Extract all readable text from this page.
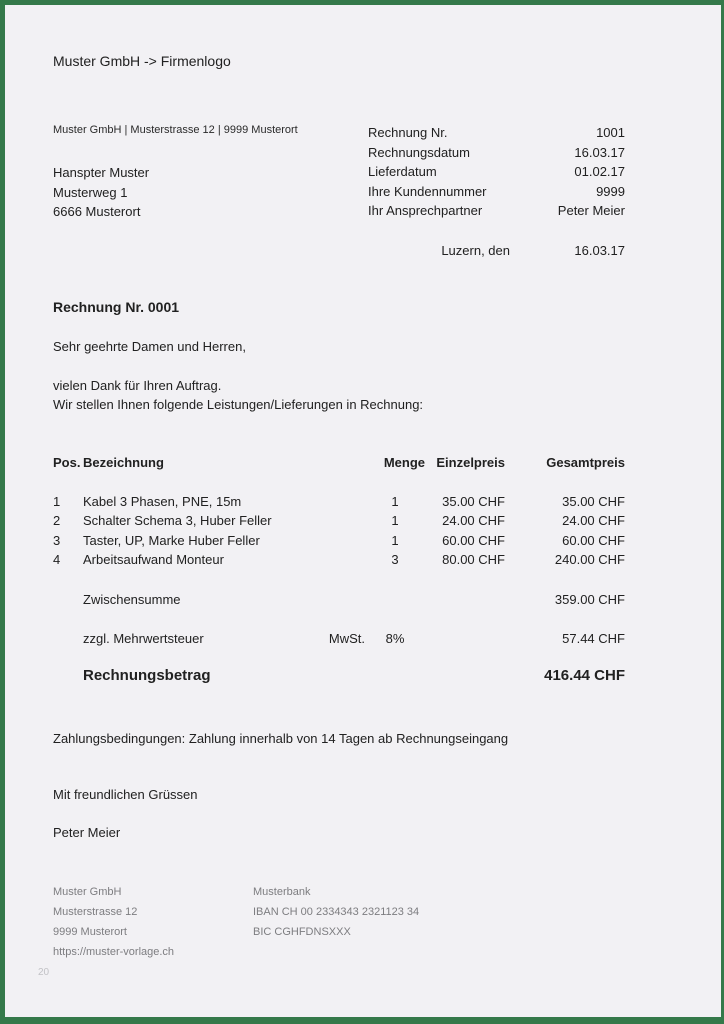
Muster GmbH -> Firmenlogo
Muster GmbH | Musterstrasse 12 | 9999 Musterort
Hanspter Muster
Musterweg 1
6666 Musterort
Rechnung Nr.	1001
Rechnungsdatum	16.03.17
Lieferdatum	01.02.17
Ihre Kundennummer	9999
Ihr Ansprechpartner	Peter Meier
Luzern, den	16.03.17
Rechnung Nr. 0001
Sehr geehrte Damen und Herren,
vielen Dank für Ihren Auftrag.
Wir stellen Ihnen folgende Leistungen/Lieferungen in Rechnung:
Pos. Bezeichnung	Menge Einzelpreis	Gesamtpreis
1	Kabel 3 Phasen, PNE, 15m	1	35.00 CHF	35.00 CHF
2	Schalter Schema 3, Huber Feller	1	24.00 CHF	24.00 CHF
3	Taster, UP, Marke Huber Feller	1	60.00 CHF	60.00 CHF
4	Arbeitsaufwand Monteur	3	80.00 CHF	240.00 CHF
Zwischensumme	359.00 CHF
zzgl. Mehrwertsteuer	MwSt.	8%	57.44 CHF
Rechnungsbetrag	416.44 CHF
Zahlungsbedingungen: Zahlung innerhalb von 14 Tagen ab Rechnungseingang
Mit freundlichen Grüssen
Peter Meier
Muster GmbH
Musterstrasse 12
9999 Musterort
https://muster-vorlage.ch
Musterbank
IBAN CH 00 2334343 2321123 34
BIC CGHFDNSXXX
20
